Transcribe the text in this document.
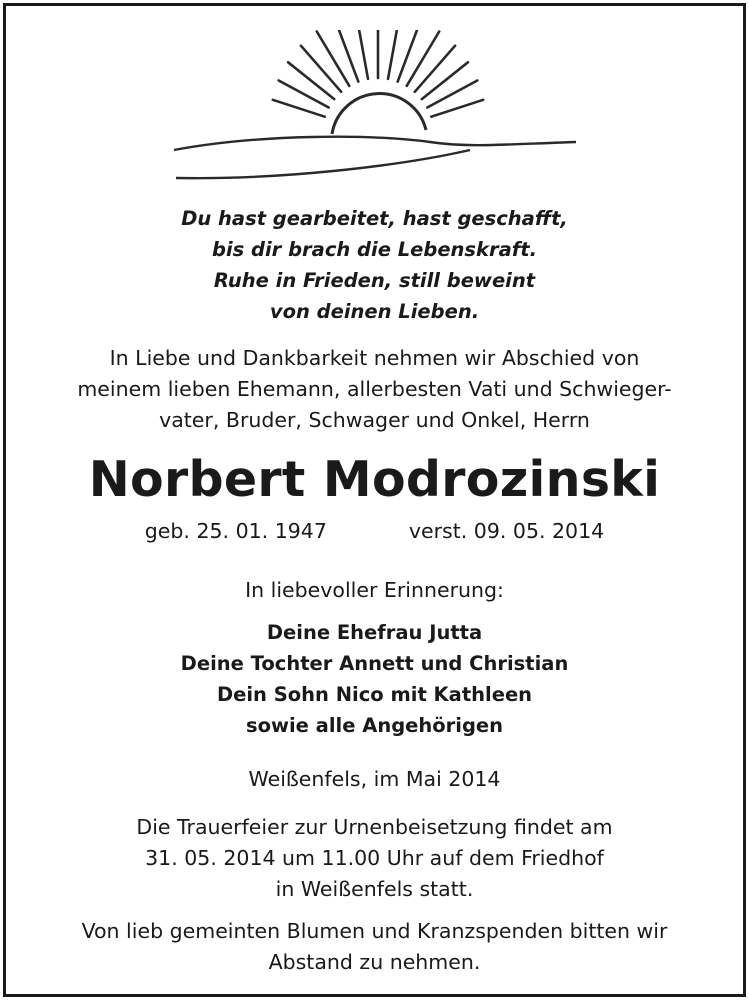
Du hast gearbeitet, hast geschafft,
bis dir brach die Lebenskraft.
Ruhe in Frieden, still beweint
von deinen Lieben.
In Liebe und Dankbarkeit nehmen wir Abschied von
meinem lieben Ehemann, allerbesten Vati und Schwieger-
vater, Bruder, Schwager und Onkel, Herrn
Norbert Modrozinski
geb. 25. 01. 1947	verst. 09. 05. 2014
In liebevoller Erinnerung:
Deine Ehefrau Jutta
Deine Tochter Annett und Christian
Dein Sohn Nico mit Kathleen
sowie alle Angehörigen
Weißenfels, im Mai 2014
Die Trauerfeier zur Urnenbeisetzung findet am
31. 05. 2014 um 11.00 Uhr auf dem Friedhof
in Weißenfels statt.
Von lieb gemeinten Blumen und Kranzspenden bitten wir
Abstand zu nehmen.
